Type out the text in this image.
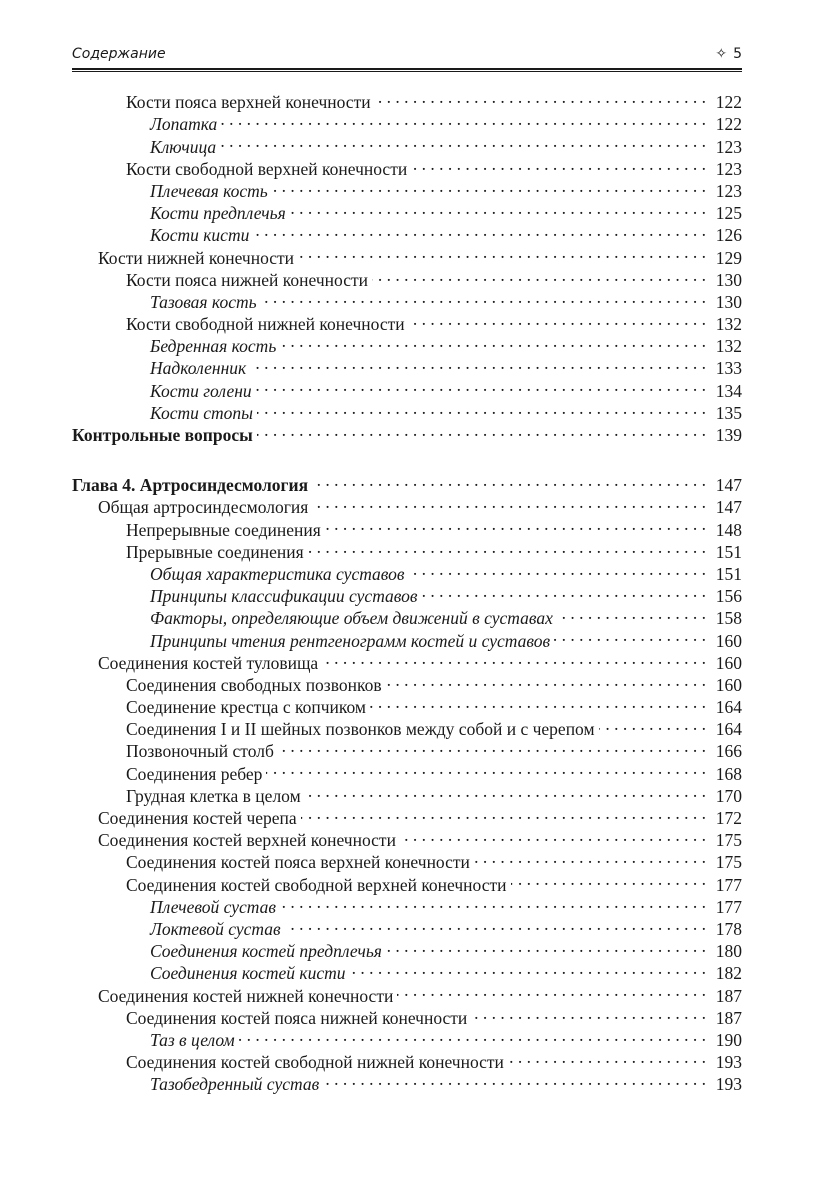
Содержание	✧ 5
Кости пояса верхней конечности . . .	122
Лопатка . . .	122
Ключица . . .	123
Кости свободной верхней конечности . . .	123
Плечевая кость . . .	123
Кости предплечья . . .	125
Кости кисти . . .	126
Кости нижней конечности . . .	129
Кости пояса нижней конечности . . .	130
Тазовая кость . . .	130
Кости свободной нижней конечности . . .	132
Бедренная кость . . .	132
Надколенник . . .	133
Кости голени . . .	134
Кости стопы . . .	135
Контрольные вопросы . . .	139
Глава 4. Артросиндесмология . . .	147
Общая артросиндесмология . . .	147
Непрерывные соединения . . .	148
Прерывные соединения . . .	151
Общая характеристика суставов . . .	151
Принципы классификации суставов . . .	156
Факторы, определяющие объем движений в суставах . . .	158
Принципы чтения рентгенограмм костей и суставов . . .	160
Соединения костей туловища . . .	160
Соединения свободных позвонков . . .	160
Соединение крестца с копчиком . . .	164
Соединения I и II шейных позвонков между собой и с черепом . . .	164
Позвоночный столб . . .	166
Соединения ребер . . .	168
Грудная клетка в целом . . .	170
Соединения костей черепа . . .	172
Соединения костей верхней конечности . . .	175
Соединения костей пояса верхней конечности . . .	175
Соединения костей свободной верхней конечности . . .	177
Плечевой сустав . . .	177
Локтевой сустав . . .	178
Соединения костей предплечья . . .	180
Соединения костей кисти . . .	182
Соединения костей нижней конечности . . .	187
Соединения костей пояса нижней конечности . . .	187
Таз в целом . . .	190
Соединения костей свободной нижней конечности . . .	193
Тазобедренный сустав . . .	193
